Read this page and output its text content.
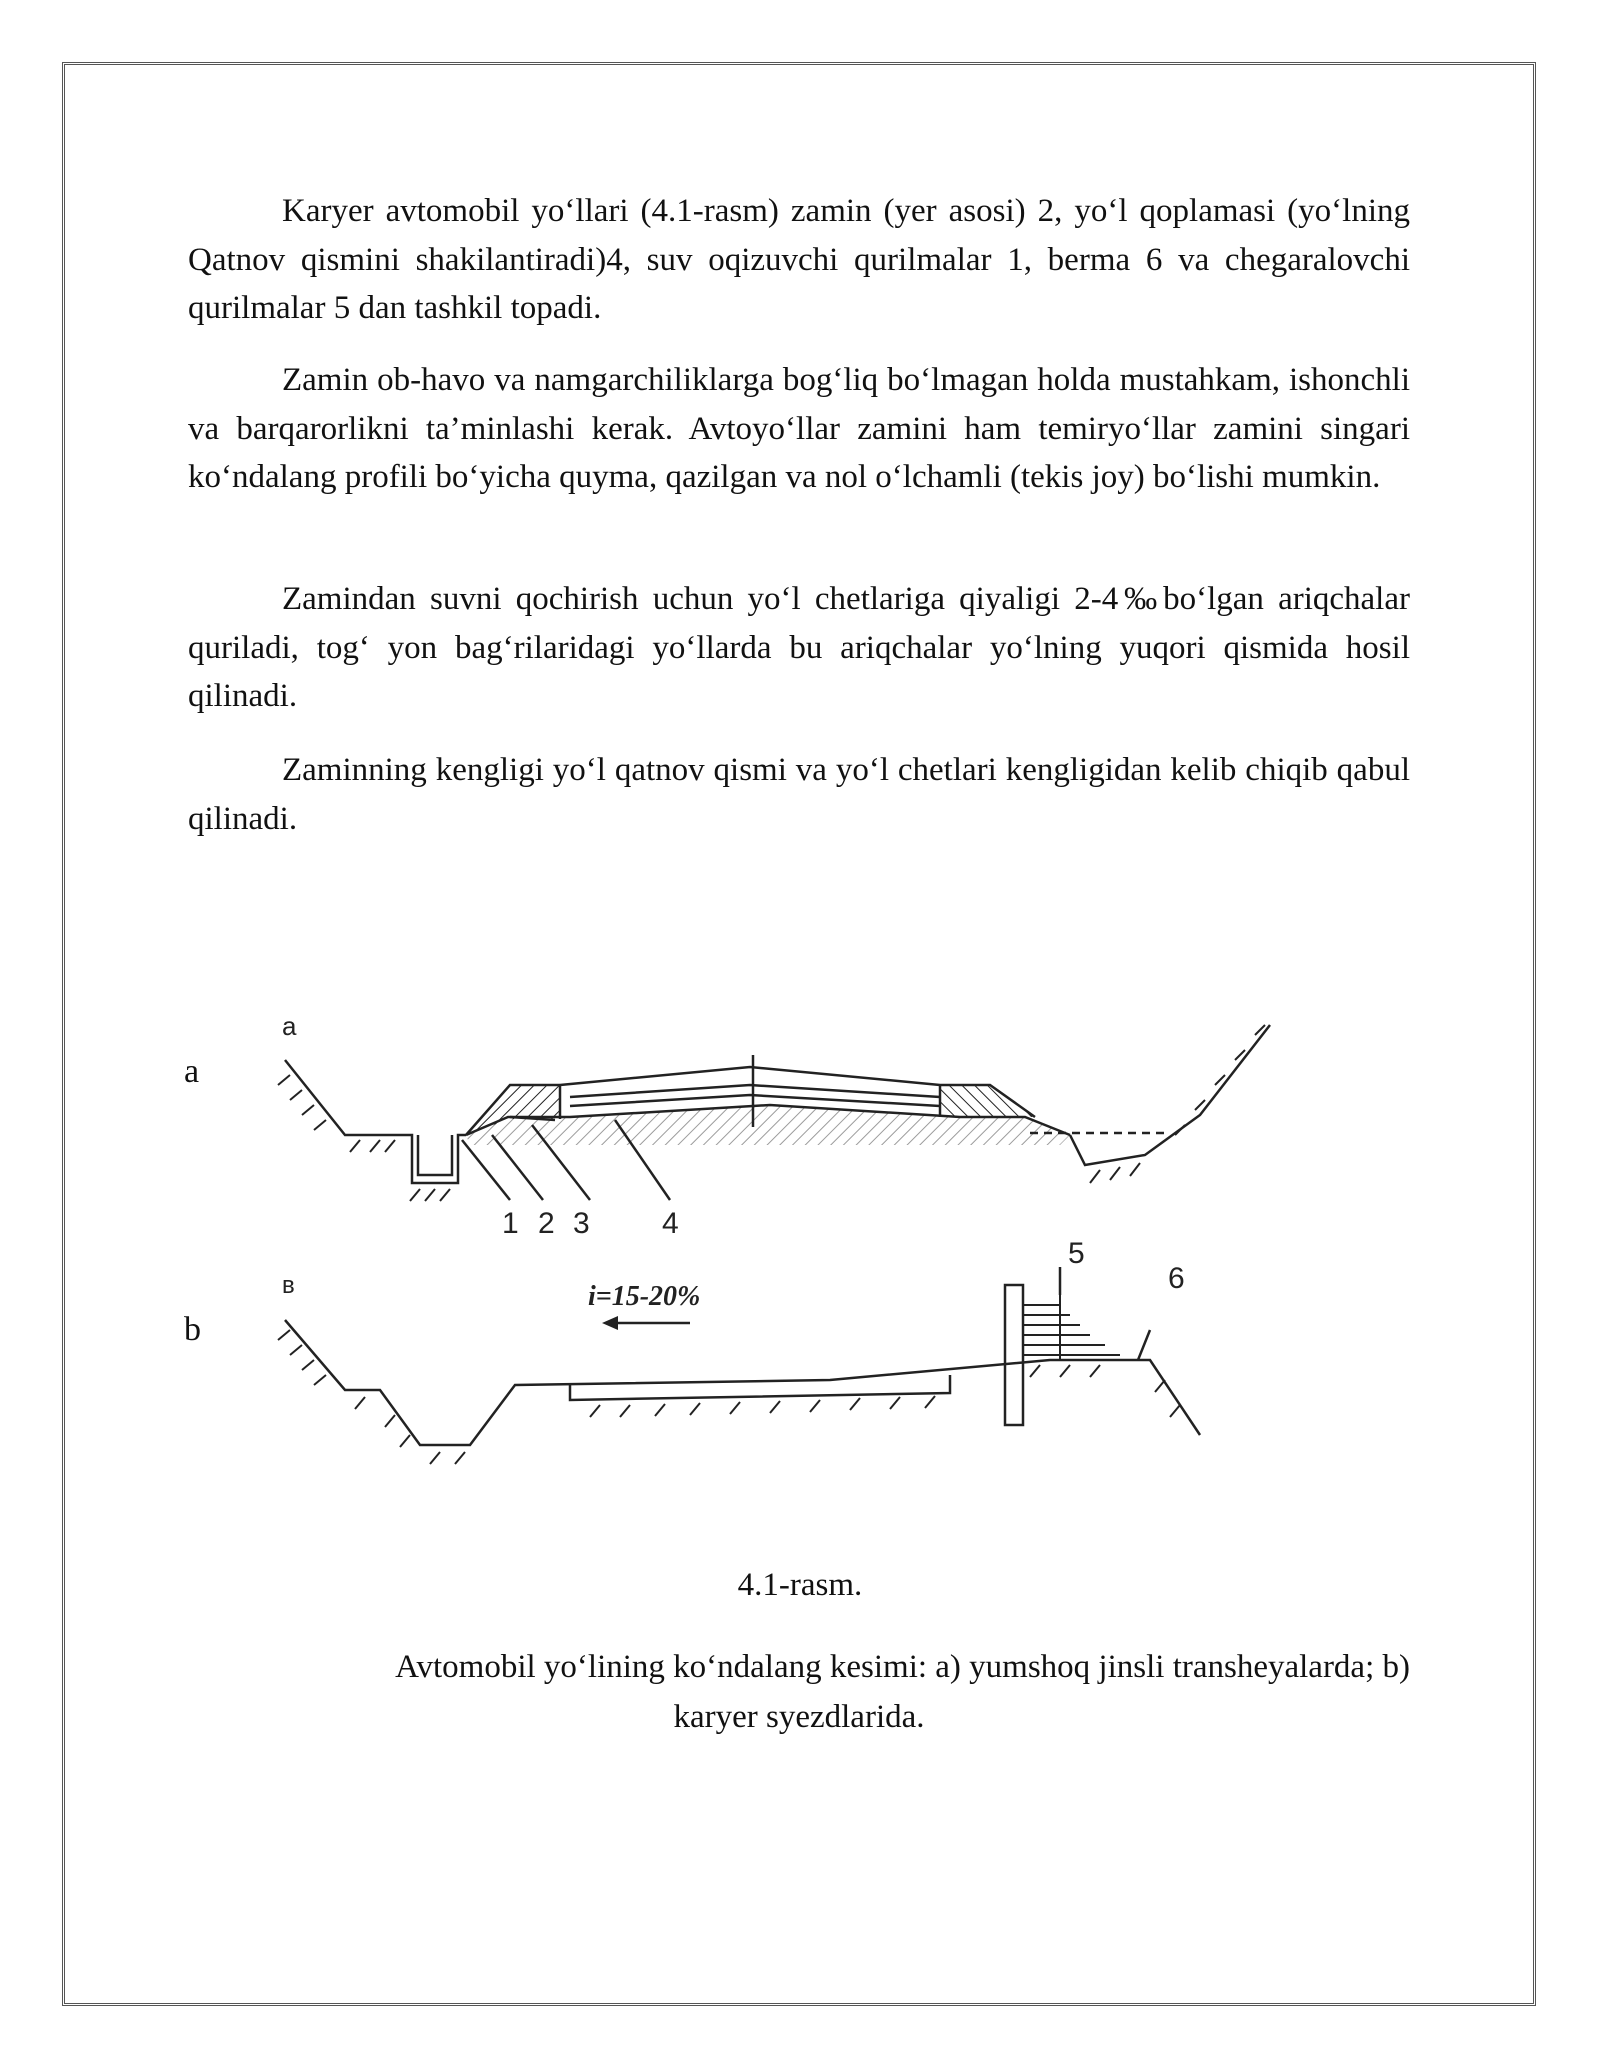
Karyer avtomobil yo‘llari (4.1-rasm) zamin (yer asosi) 2, yo‘l qoplamasi (yo‘lning Qatnov qismini shakilantiradi)4, suv oqizuvchi qurilmalar 1, berma 6 va chegaralovchi qurilmalar 5 dan tashkil topadi.

Zamin ob-havo va namgarchiliklarga bog‘liq bo‘lmagan holda mustahkam, ishonchli va barqarorlikni ta’minlashi kerak. Avtoyo‘llar zamini ham temiryo‘llar zamini singari ko‘ndalang profili bo‘yicha quyma, qazilgan va nol o‘lchamli (tekis joy) bo‘lishi mumkin.

Zamindan suvni qochirish uchun yo‘l chetlariga qiyaligi 2-4‰bo‘lgan ariqchalar quriladi, tog‘ yon bag‘rilaridagi yo‘llarda bu ariqchalar yo‘lning yuqori qismida hosil qilinadi.

Zaminning kengligi yo‘l qatnov qismi va yo‘l chetlari kengligidan kelib chiqib qabul qilinadi.

a
b
a
1 2 3 4
в
5
6
i=15-20%
4.1-rasm.
Avtomobil yo‘lining ko‘ndalang kesimi: a) yumshoq jinsli transheyalarda; b)
karyer syezdlarida.
